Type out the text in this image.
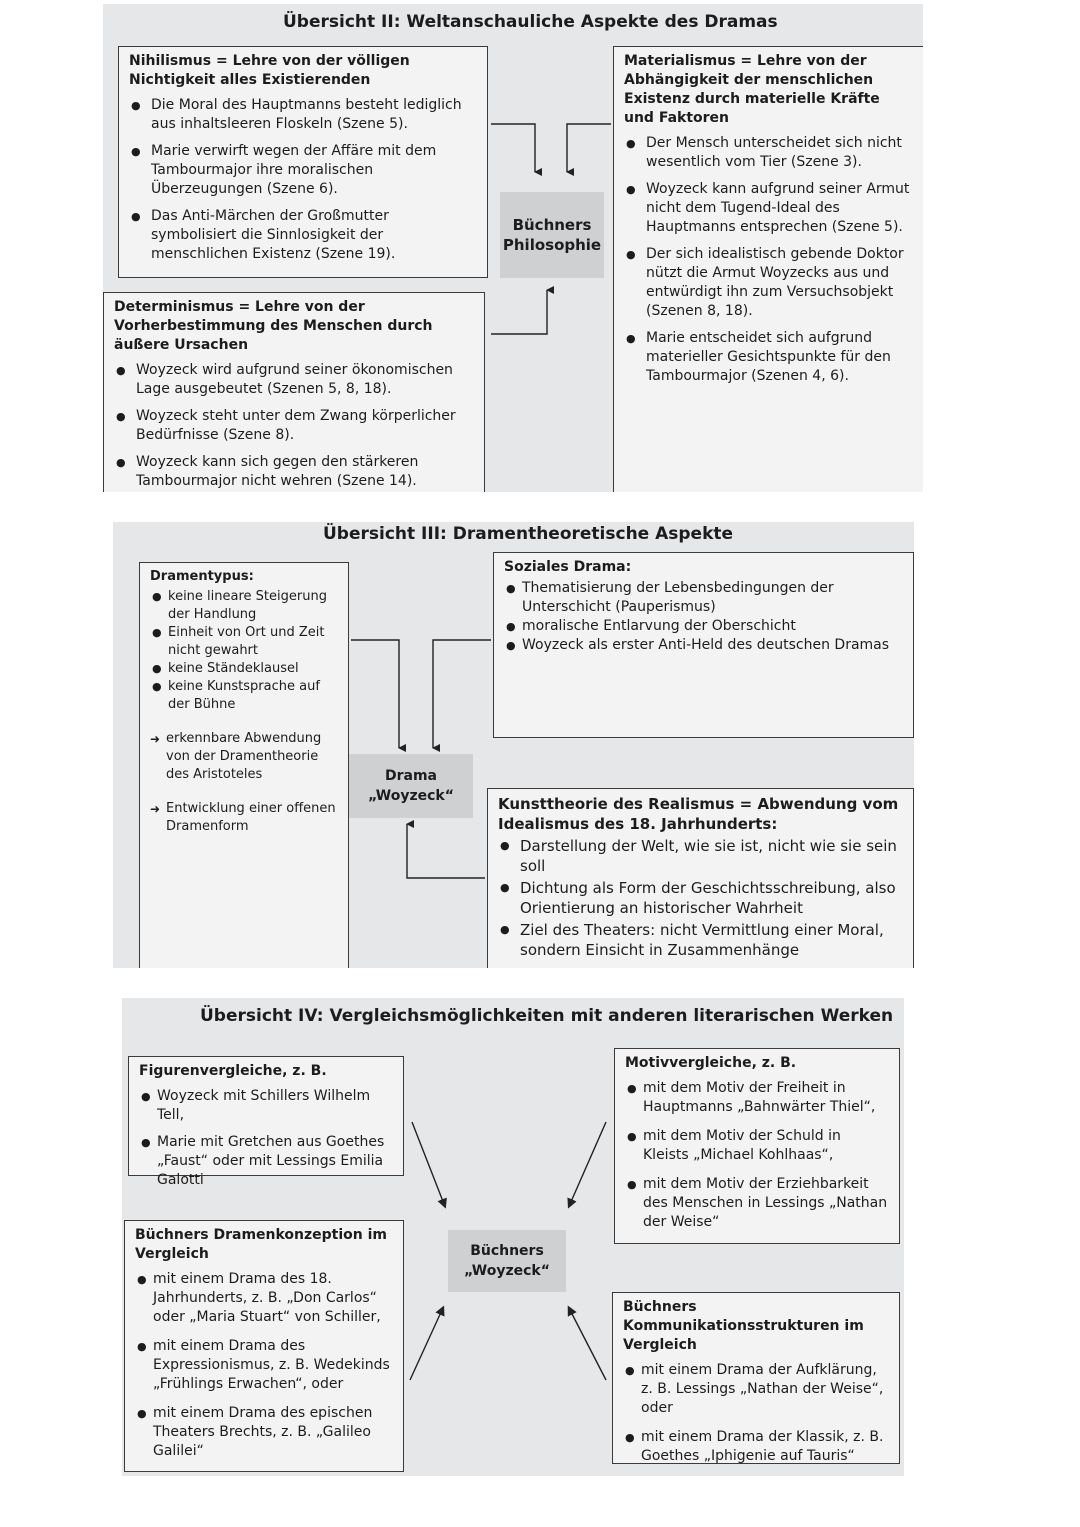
Übersicht II: Weltanschauliche Aspekte des Dramas
Nihilismus = Lehre von der völligen Nichtigkeit alles Existierenden
● Die Moral des Hauptmanns besteht lediglich aus inhaltsleeren Floskeln (Szene 5).
● Marie verwirft wegen der Affäre mit dem Tambourmajor ihre moralischen Überzeugungen (Szene 6).
● Das Anti-Märchen der Großmutter symbolisiert die Sinnlosigkeit der menschlichen Existenz (Szene 19).
Determinismus = Lehre von der Vorherbestimmung des Menschen durch äußere Ursachen
● Woyzeck wird aufgrund seiner ökonomischen Lage ausgebeutet (Szenen 5, 8, 18).
● Woyzeck steht unter dem Zwang körperlicher Bedürfnisse (Szene 8).
● Woyzeck kann sich gegen den stärkeren Tambourmajor nicht wehren (Szene 14).
Materialismus = Lehre von der Abhängigkeit der menschlichen Existenz durch materielle Kräfte und Faktoren
● Der Mensch unterscheidet sich nicht wesentlich vom Tier (Szene 3).
● Woyzeck kann aufgrund seiner Armut nicht dem Tugend-Ideal des Hauptmanns entsprechen (Szene 5).
● Der sich idealistisch gebende Doktor nützt die Armut Woyzecks aus und entwürdigt ihn zum Versuchsobjekt (Szenen 8, 18).
● Marie entscheidet sich aufgrund materieller Gesichtspunkte für den Tambourmajor (Szenen 4, 6).
Büchners Philosophie
Übersicht III: Dramentheoretische Aspekte
Dramentypus:
● keine lineare Steigerung der Handlung
● Einheit von Ort und Zeit nicht gewahrt
● keine Ständeklausel
● keine Kunstsprache auf der Bühne
➜ erkennbare Abwendung von der Dramentheorie des Aristoteles
➜ Entwicklung einer offenen Dramenform
Soziales Drama:
● Thematisierung der Lebensbedingungen der Unterschicht (Pauperismus)
● moralische Entlarvung der Oberschicht
● Woyzeck als erster Anti-Held des deutschen Dramas
Kunsttheorie des Realismus = Abwendung vom Idealismus des 18. Jahrhunderts:
● Darstellung der Welt, wie sie ist, nicht wie sie sein soll
● Dichtung als Form der Geschichtsschreibung, also Orientierung an historischer Wahrheit
● Ziel des Theaters: nicht Vermittlung einer Moral, sondern Einsicht in Zusammenhänge
Drama
„Woyzeck“
Übersicht IV: Vergleichsmöglichkeiten mit anderen literarischen Werken
Figurenvergleiche, z. B.
● Woyzeck mit Schillers Wilhelm Tell,
● Marie mit Gretchen aus Goethes „Faust“ oder mit Lessings Emilia Galotti
Motivvergleiche, z. B.
● mit dem Motiv der Freiheit in Hauptmanns „Bahnwärter Thiel“,
● mit dem Motiv der Schuld in Kleists „Michael Kohlhaas“,
● mit dem Motiv der Erziehbarkeit des Menschen in Lessings „Nathan der Weise“
Büchners Dramenkonzeption im Vergleich
● mit einem Drama des 18. Jahrhunderts, z. B. „Don Carlos“ oder „Maria Stuart“ von Schiller,
● mit einem Drama des Expressionismus, z. B. Wedekinds „Frühlings Erwachen“, oder
● mit einem Drama des epischen Theaters Brechts, z. B. „Galileo Galilei“
Büchners Kommunikationsstrukturen im Vergleich
● mit einem Drama der Aufklärung, z. B. Lessings „Nathan der Weise“, oder
● mit einem Drama der Klassik, z. B. Goethes „Iphigenie auf Tauris“
Büchners
„Woyzeck“
